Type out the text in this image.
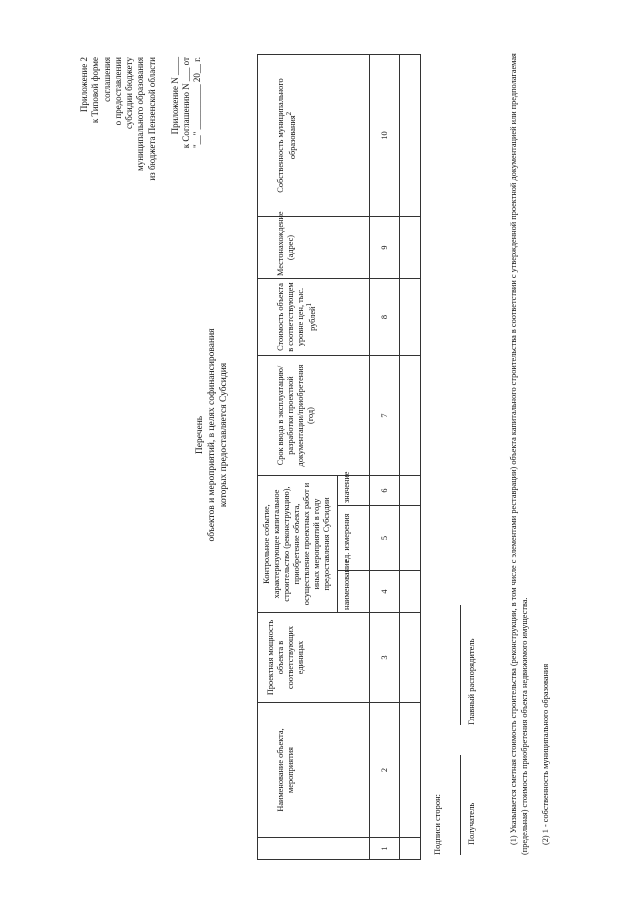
Приложение 2 к Типовой форме соглашения о предоставлении субсидии бюджету муниципального образования из бюджета Пензенской области Приложение N ____ к Соглашению N ___ от "__" __________ 20__ г.
Перечень объектов и мероприятий, в целях софинансирования которых предоставляется Субсидия
	Наименование объекта, мероприятия	Проектная мощность объекта в соответствующих единицах	Контрольное событие, характеризующее капитальное строительство (реконструкцию), приобретение объекта, осуществление проектных работ и иных мероприятий в году предоставления Субсидии			Срок ввода в эксплуатацию/разработки проектной документации/приобретения (год)	Стоимость объекта в соответствующем уровне цен, тыс. рублей$^1$	Местонахождение (адрес)	Собственность муниципального образования$^2$
			наименование	ед. измерения	значение				
1	2	3	4	5	6	7	8	9	10

Подписи сторон:	Получатель
Главный распорядитель	(1) Указывается сметная стоимость строительства (реконструкции, в том числе с элементами реставрации) объекта капитального строительства в соответствии с утвержденной проектной документацией или предполагаемая (предельная) стоимость приобретения объекта недвижимого имущества. (2) 1 - собственность муниципального образования
